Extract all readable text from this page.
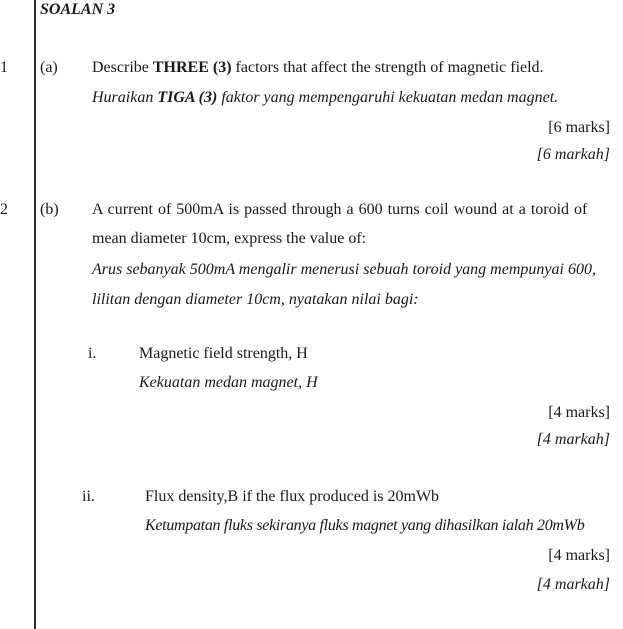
SOALAN 3
1
2
(a) Describe THREE (3) factors that affect the strength of magnetic field.
Huraikan TIGA (3) faktor yang mempengaruhi kekuatan medan magnet.
[6 marks]
[6 markah]
(b) A current of 500mA is passed through a 600 turns coil wound at a toroid of
mean diameter 10cm, express the value of:
Arus sebanyak 500mA mengalir menerusi sebuah toroid yang mempunyai 600,
lilitan dengan diameter 10cm, nyatakan nilai bagi:
i.	Magnetic field strength, H
Kekuatan medan magnet, H
[4 marks]
[4 markah]
ii.	Flux density,B if the flux produced is 20mWb
Ketumpatan fluks sekiranya fluks magnet yang dihasilkan ialah 20mWb
[4 marks]
[4 markah]
